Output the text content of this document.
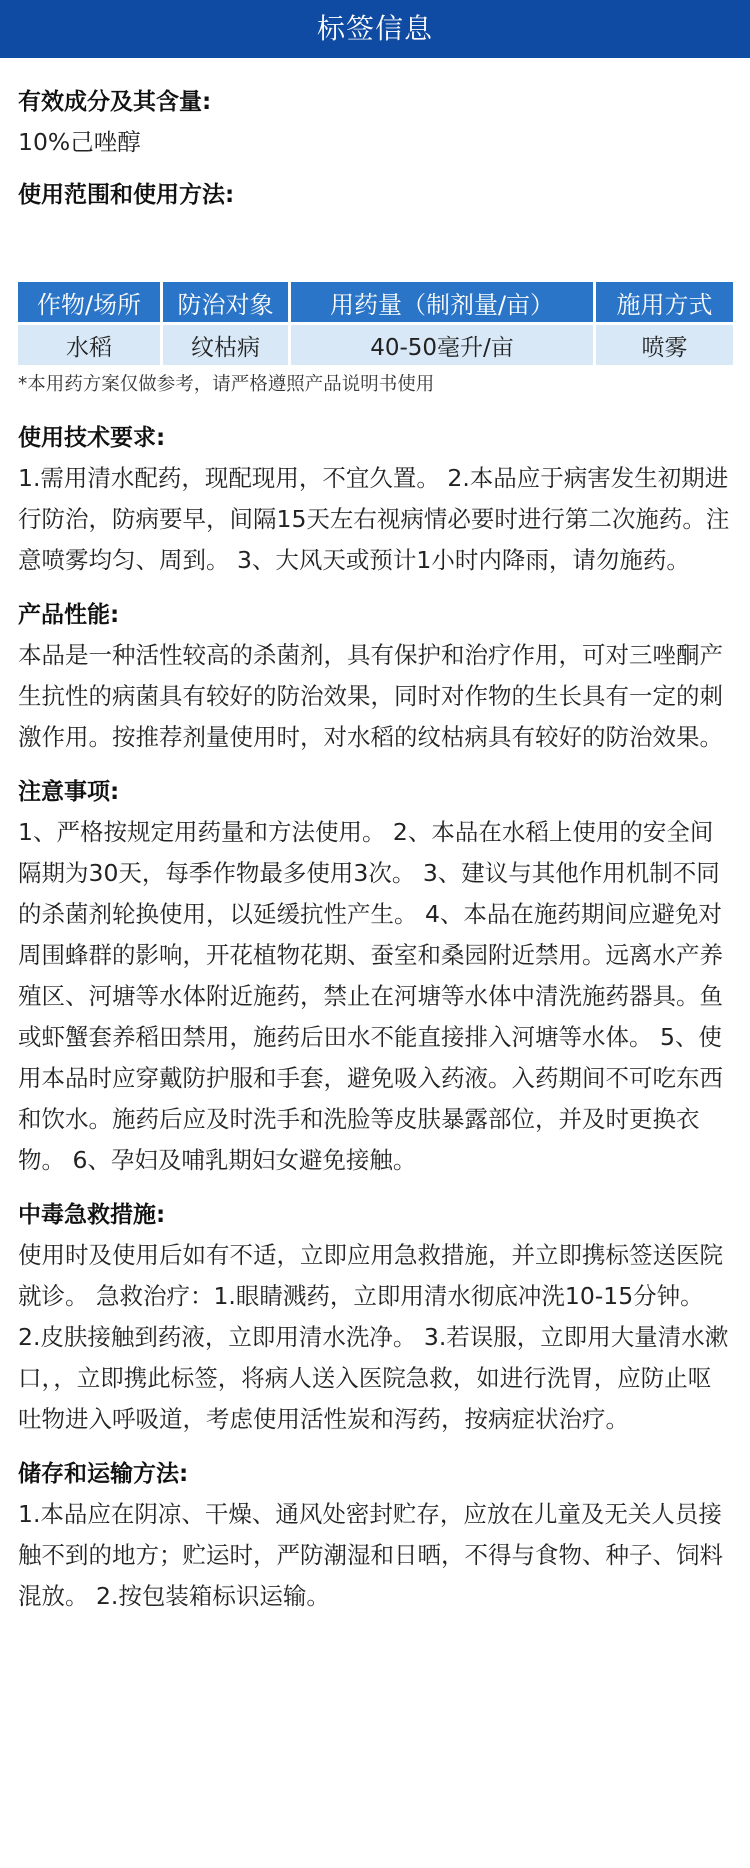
标签信息
有效成分及其含量:
10%己唑醇
使用范围和使用方法:
作物/场所	防治对象	用药量（制剂量/亩）	施用方式
水稻	纹枯病	40-50毫升/亩	喷雾
*本用药方案仅做参考，请严格遵照产品说明书使用
使用技术要求:
1.需用清水配药，现配现用，不宜久置。 2.本品应于病害发生初期进行防治，防病要早，间隔15天左右视病情必要时进行第二次施药。注意喷雾均匀、周到。 3、大风天或预计1小时内降雨，请勿施药。
产品性能:
本品是一种活性较高的杀菌剂，具有保护和治疗作用，可对三唑酮产生抗性的病菌具有较好的防治效果，同时对作物的生长具有一定的刺激作用。按推荐剂量使用时，对水稻的纹枯病具有较好的防治效果。
注意事项:
1、严格按规定用药量和方法使用。 2、本品在水稻上使用的安全间隔期为30天，每季作物最多使用3次。 3、建议与其他作用机制不同的杀菌剂轮换使用，以延缓抗性产生。 4、本品在施药期间应避免对周围蜂群的影响，开花植物花期、蚕室和桑园附近禁用。远离水产养殖区、河塘等水体附近施药，禁止在河塘等水体中清洗施药器具。鱼或虾蟹套养稻田禁用，施药后田水不能直接排入河塘等水体。 5、使用本品时应穿戴防护服和手套，避免吸入药液。入药期间不可吃东西和饮水。施药后应及时洗手和洗脸等皮肤暴露部位，并及时更换衣物。 6、孕妇及哺乳期妇女避免接触。
中毒急救措施:
使用时及使用后如有不适，立即应用急救措施，并立即携标签送医院就诊。 急救治疗：1.眼睛溅药，立即用清水彻底冲洗10-15分钟。 2.皮肤接触到药液，立即用清水洗净。 3.若误服，立即用大量清水漱口，，立即携此标签，将病人送入医院急救，如进行洗胃，应防止呕吐物进入呼吸道，考虑使用活性炭和泻药，按病症状治疗。
储存和运输方法:
1.本品应在阴凉、干燥、通风处密封贮存，应放在儿童及无关人员接触不到的地方；贮运时，严防潮湿和日晒，不得与食物、种子、饲料混放。 2.按包装箱标识运输。
